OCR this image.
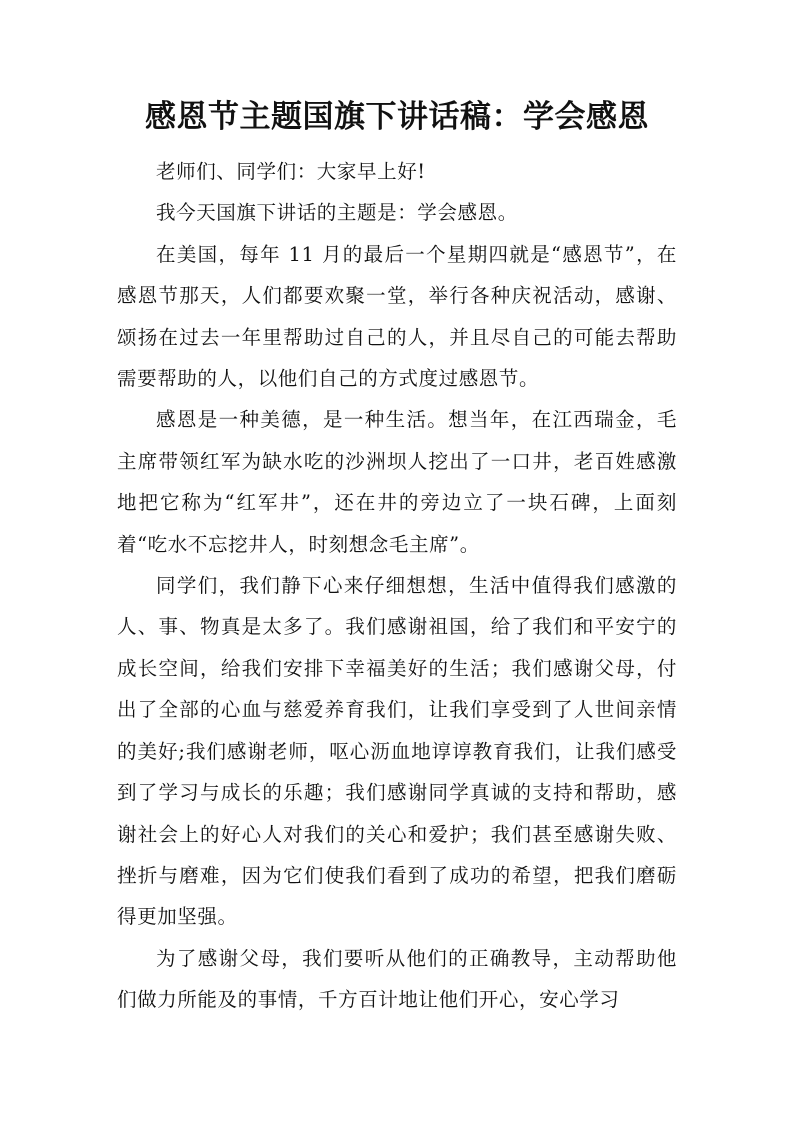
感恩节主题国旗下讲话稿：学会感恩

老师们、同学们：大家早上好!

我今天国旗下讲话的主题是：学会感恩。

在美国，每年 11 月的最后一个星期四就是“感恩节”，在感恩节那天，人们都要欢聚一堂，举行各种庆祝活动，感谢、颂扬在过去一年里帮助过自己的人，并且尽自己的可能去帮助需要帮助的人，以他们自己的方式度过感恩节。

感恩是一种美德，是一种生活。想当年，在江西瑞金，毛主席带领红军为缺水吃的沙洲坝人挖出了一口井，老百姓感激地把它称为“红军井”，还在井的旁边立了一块石碑，上面刻着“吃水不忘挖井人，时刻想念毛主席”。

同学们，我们静下心来仔细想想，生活中值得我们感激的人、事、物真是太多了。我们感谢祖国，给了我们和平安宁的成长空间，给我们安排下幸福美好的生活；我们感谢父母，付出了全部的心血与慈爱养育我们，让我们享受到了人世间亲情的美好;我们感谢老师，呕心沥血地谆谆教育我们，让我们感受到了学习与成长的乐趣；我们感谢同学真诚的支持和帮助，感谢社会上的好心人对我们的关心和爱护；我们甚至感谢失败、挫折与磨难，因为它们使我们看到了成功的希望，把我们磨砺得更加坚强。

为了感谢父母，我们要听从他们的正确教导，主动帮助他们做力所能及的事情，千方百计地让他们开心，安心学习
